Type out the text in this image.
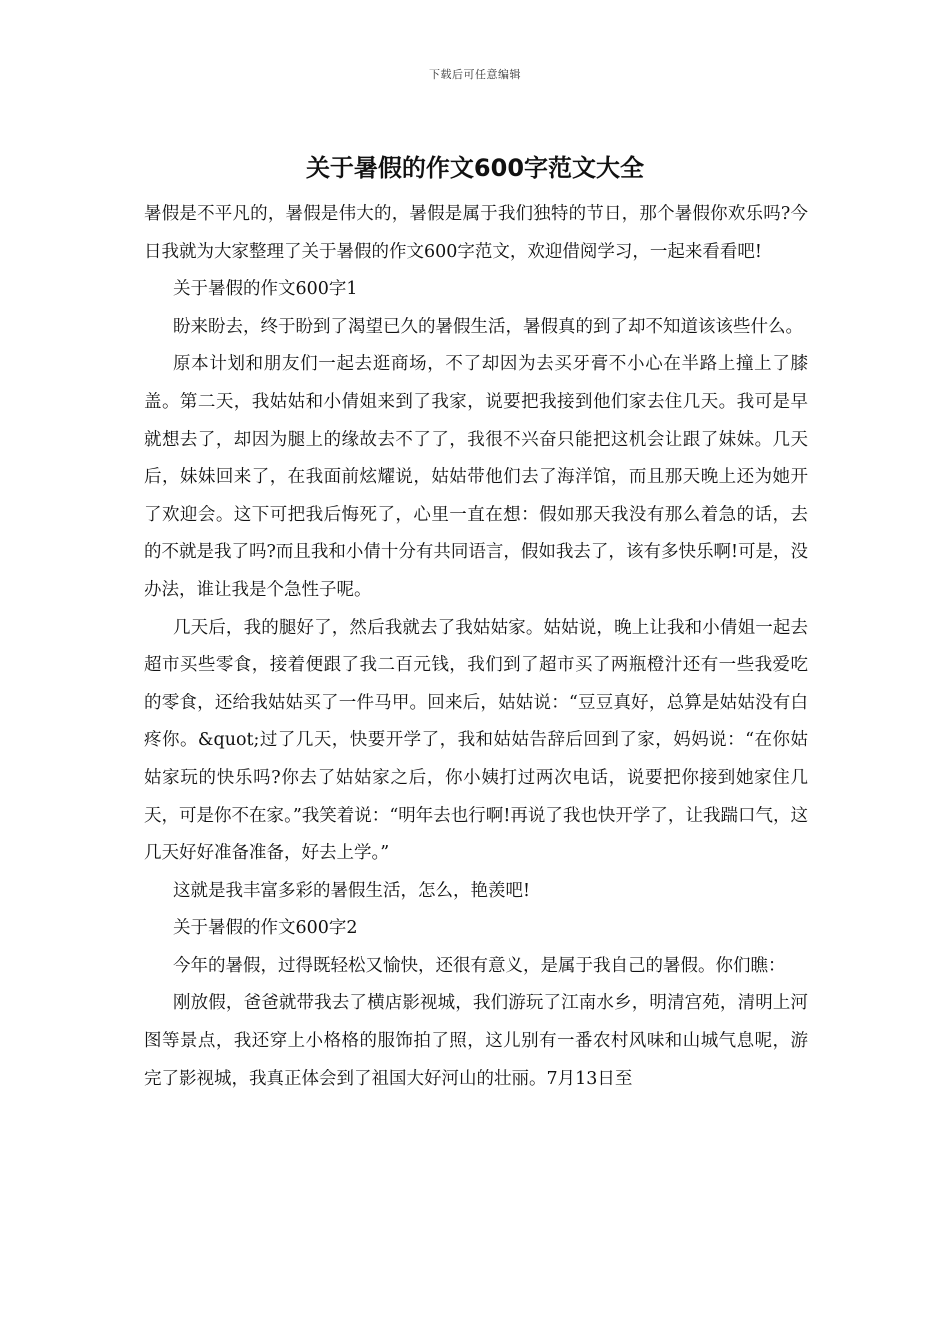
下载后可任意编辑
关于暑假的作文600字范文大全

暑假是不平凡的，暑假是伟大的，暑假是属于我们独特的节日，那个暑假你欢乐吗?今日我就为大家整理了关于暑假的作文600字范文，欢迎借阅学习，一起来看看吧!

关于暑假的作文600字1

盼来盼去，终于盼到了渴望已久的暑假生活，暑假真的到了却不知道该该些什么。

原本计划和朋友们一起去逛商场，不了却因为去买牙膏不小心在半路上撞上了膝盖。第二天，我姑姑和小倩姐来到了我家，说要把我接到他们家去住几天。我可是早就想去了，却因为腿上的缘故去不了了，我很不兴奋只能把这机会让跟了妹妹。几天后，妹妹回来了，在我面前炫耀说，姑姑带他们去了海洋馆，而且那天晚上还为她开了欢迎会。这下可把我后悔死了，心里一直在想：假如那天我没有那么着急的话，去的不就是我了吗?而且我和小倩十分有共同语言，假如我去了，该有多快乐啊!可是，没办法，谁让我是个急性子呢。

几天后，我的腿好了，然后我就去了我姑姑家。姑姑说，晚上让我和小倩姐一起去超市买些零食，接着便跟了我二百元钱，我们到了超市买了两瓶橙汁还有一些我爱吃的零食，还给我姑姑买了一件马甲。回来后，姑姑说：“豆豆真好，总算是姑姑没有白疼你。&quot;过了几天，快要开学了，我和姑姑告辞后回到了家，妈妈说：“在你姑姑家玩的快乐吗?你去了姑姑家之后，你小姨打过两次电话，说要把你接到她家住几天，可是你不在家。”我笑着说：“明年去也行啊!再说了我也快开学了，让我踹口气，这几天好好准备准备，好去上学。”

这就是我丰富多彩的暑假生活，怎么，艳羡吧!

关于暑假的作文600字2

今年的暑假，过得既轻松又愉快，还很有意义，是属于我自己的暑假。你们瞧：

刚放假，爸爸就带我去了横店影视城，我们游玩了江南水乡，明清宫苑，清明上河图等景点，我还穿上小格格的服饰拍了照，这儿别有一番农村风味和山城气息呢，游完了影视城，我真正体会到了祖国大好河山的壮丽。7月13日至
